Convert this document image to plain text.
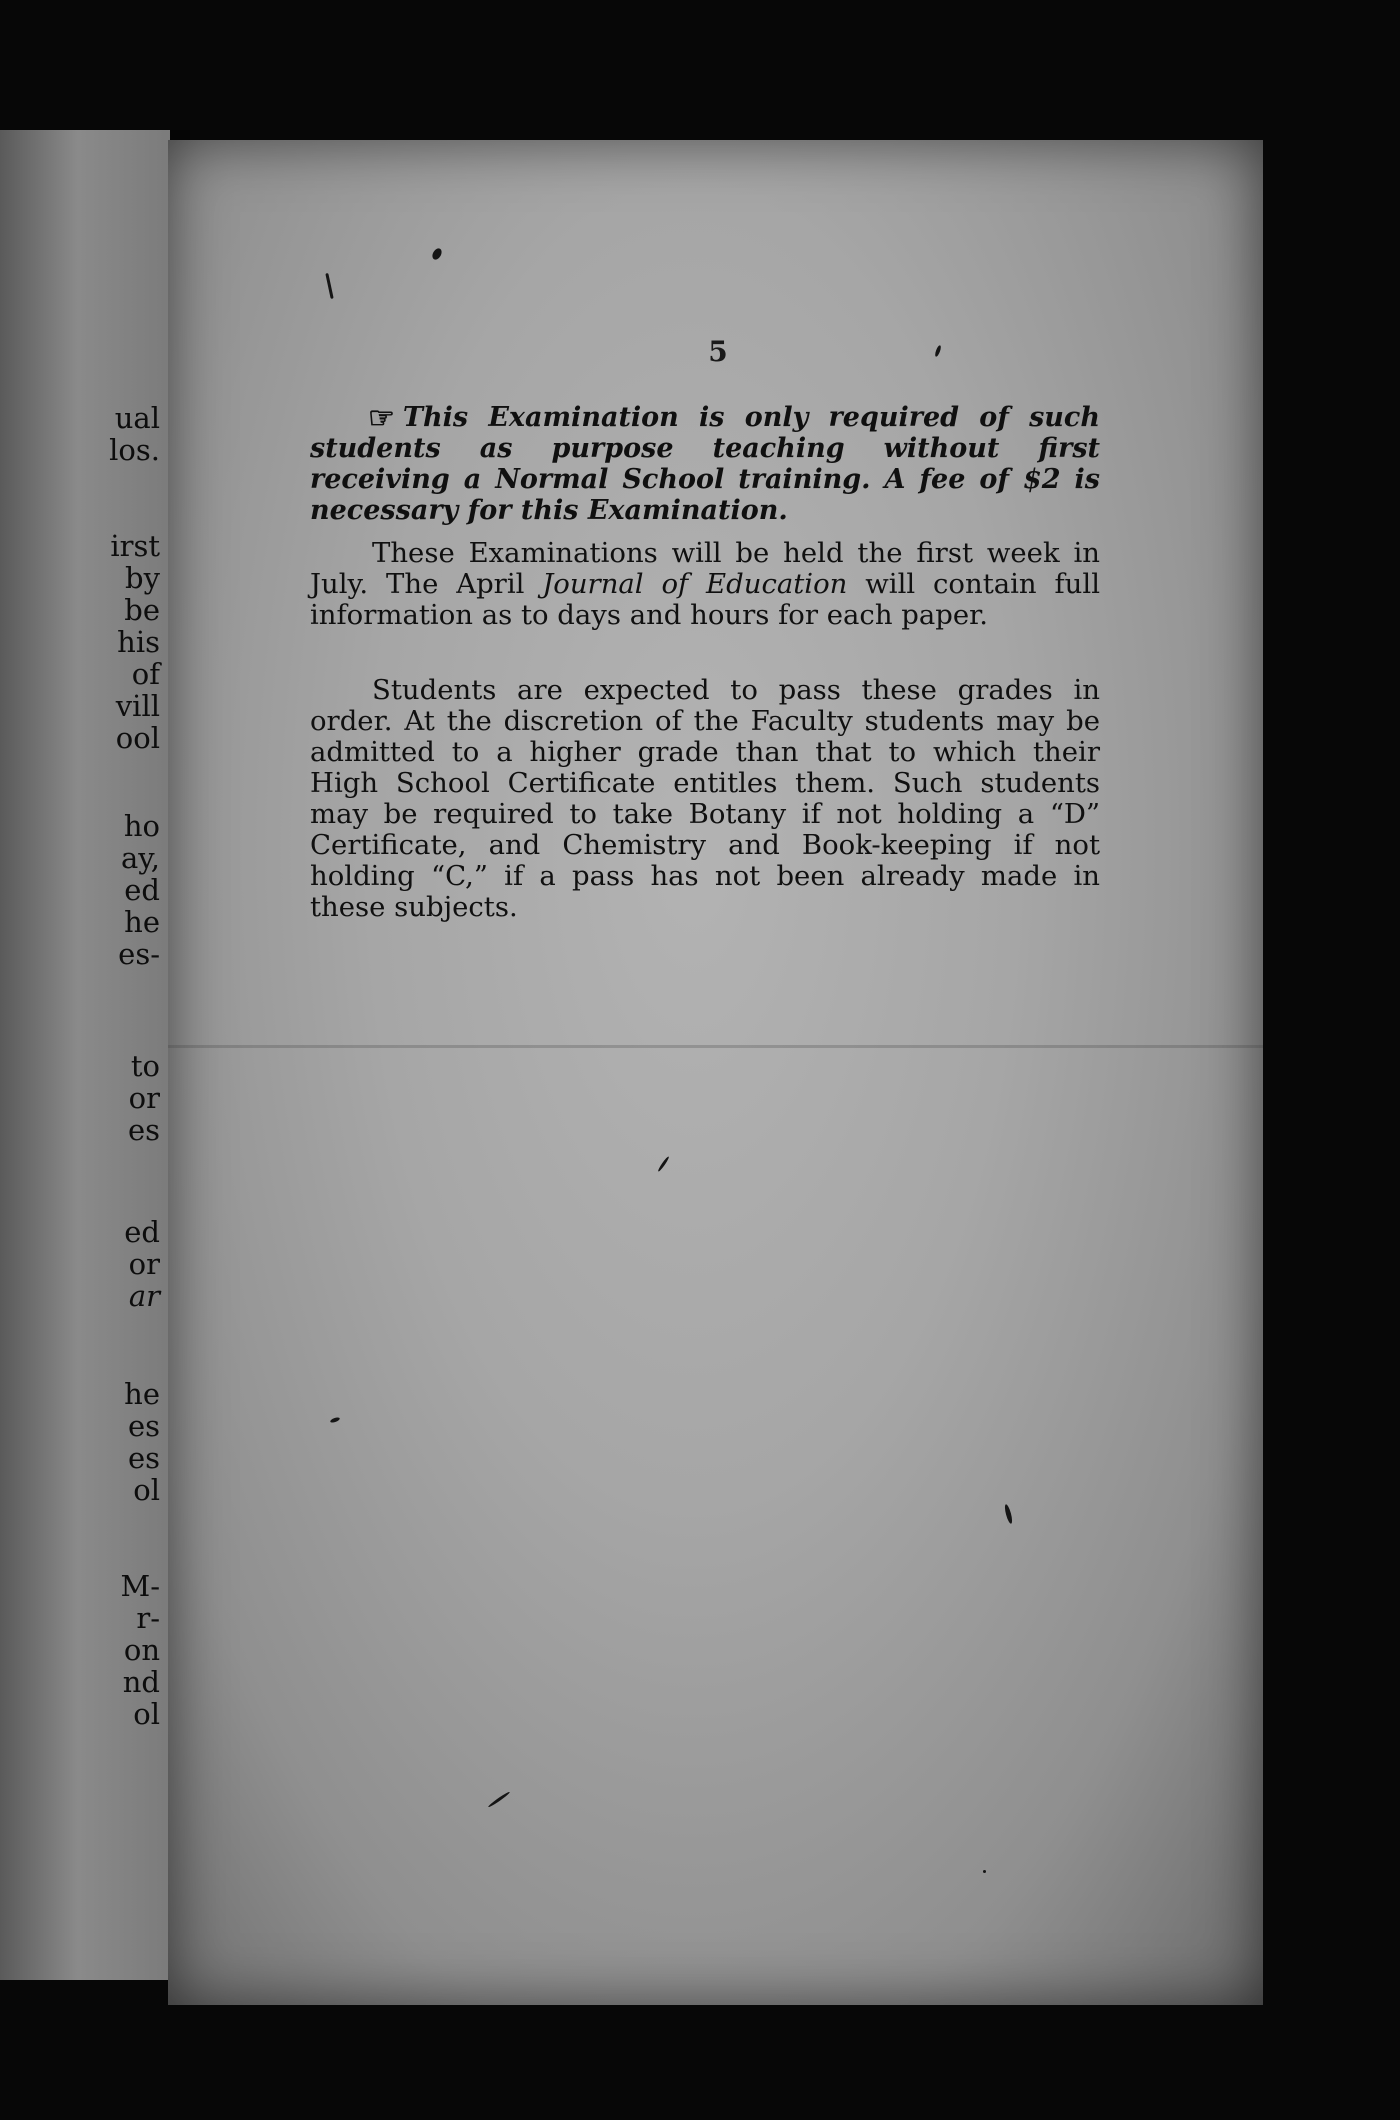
ual

los.

irst

by

be

his

of

vill

ool

ho

ay,

ed

he

es-

to

or

es

ed

or

ar

he

es

es

ol

M-

r-

on

nd

ol

5

☞ This Examination is only required of such students as purpose teaching without first receiving a Normal School training. A fee of $2 is necessary for this Examination.

These Examinations will be held the first week in July. The April Journal of Education will contain full information as to days and hours for each paper.

Students are expected to pass these grades in order. At the discretion of the Faculty students may be admitted to a higher grade than that to which their High School Certificate entitles them. Such students may be required to take Botany if not holding a “D” Certificate, and Chemistry and Book-keeping if not holding “C,” if a pass has not been already made in these subjects.
